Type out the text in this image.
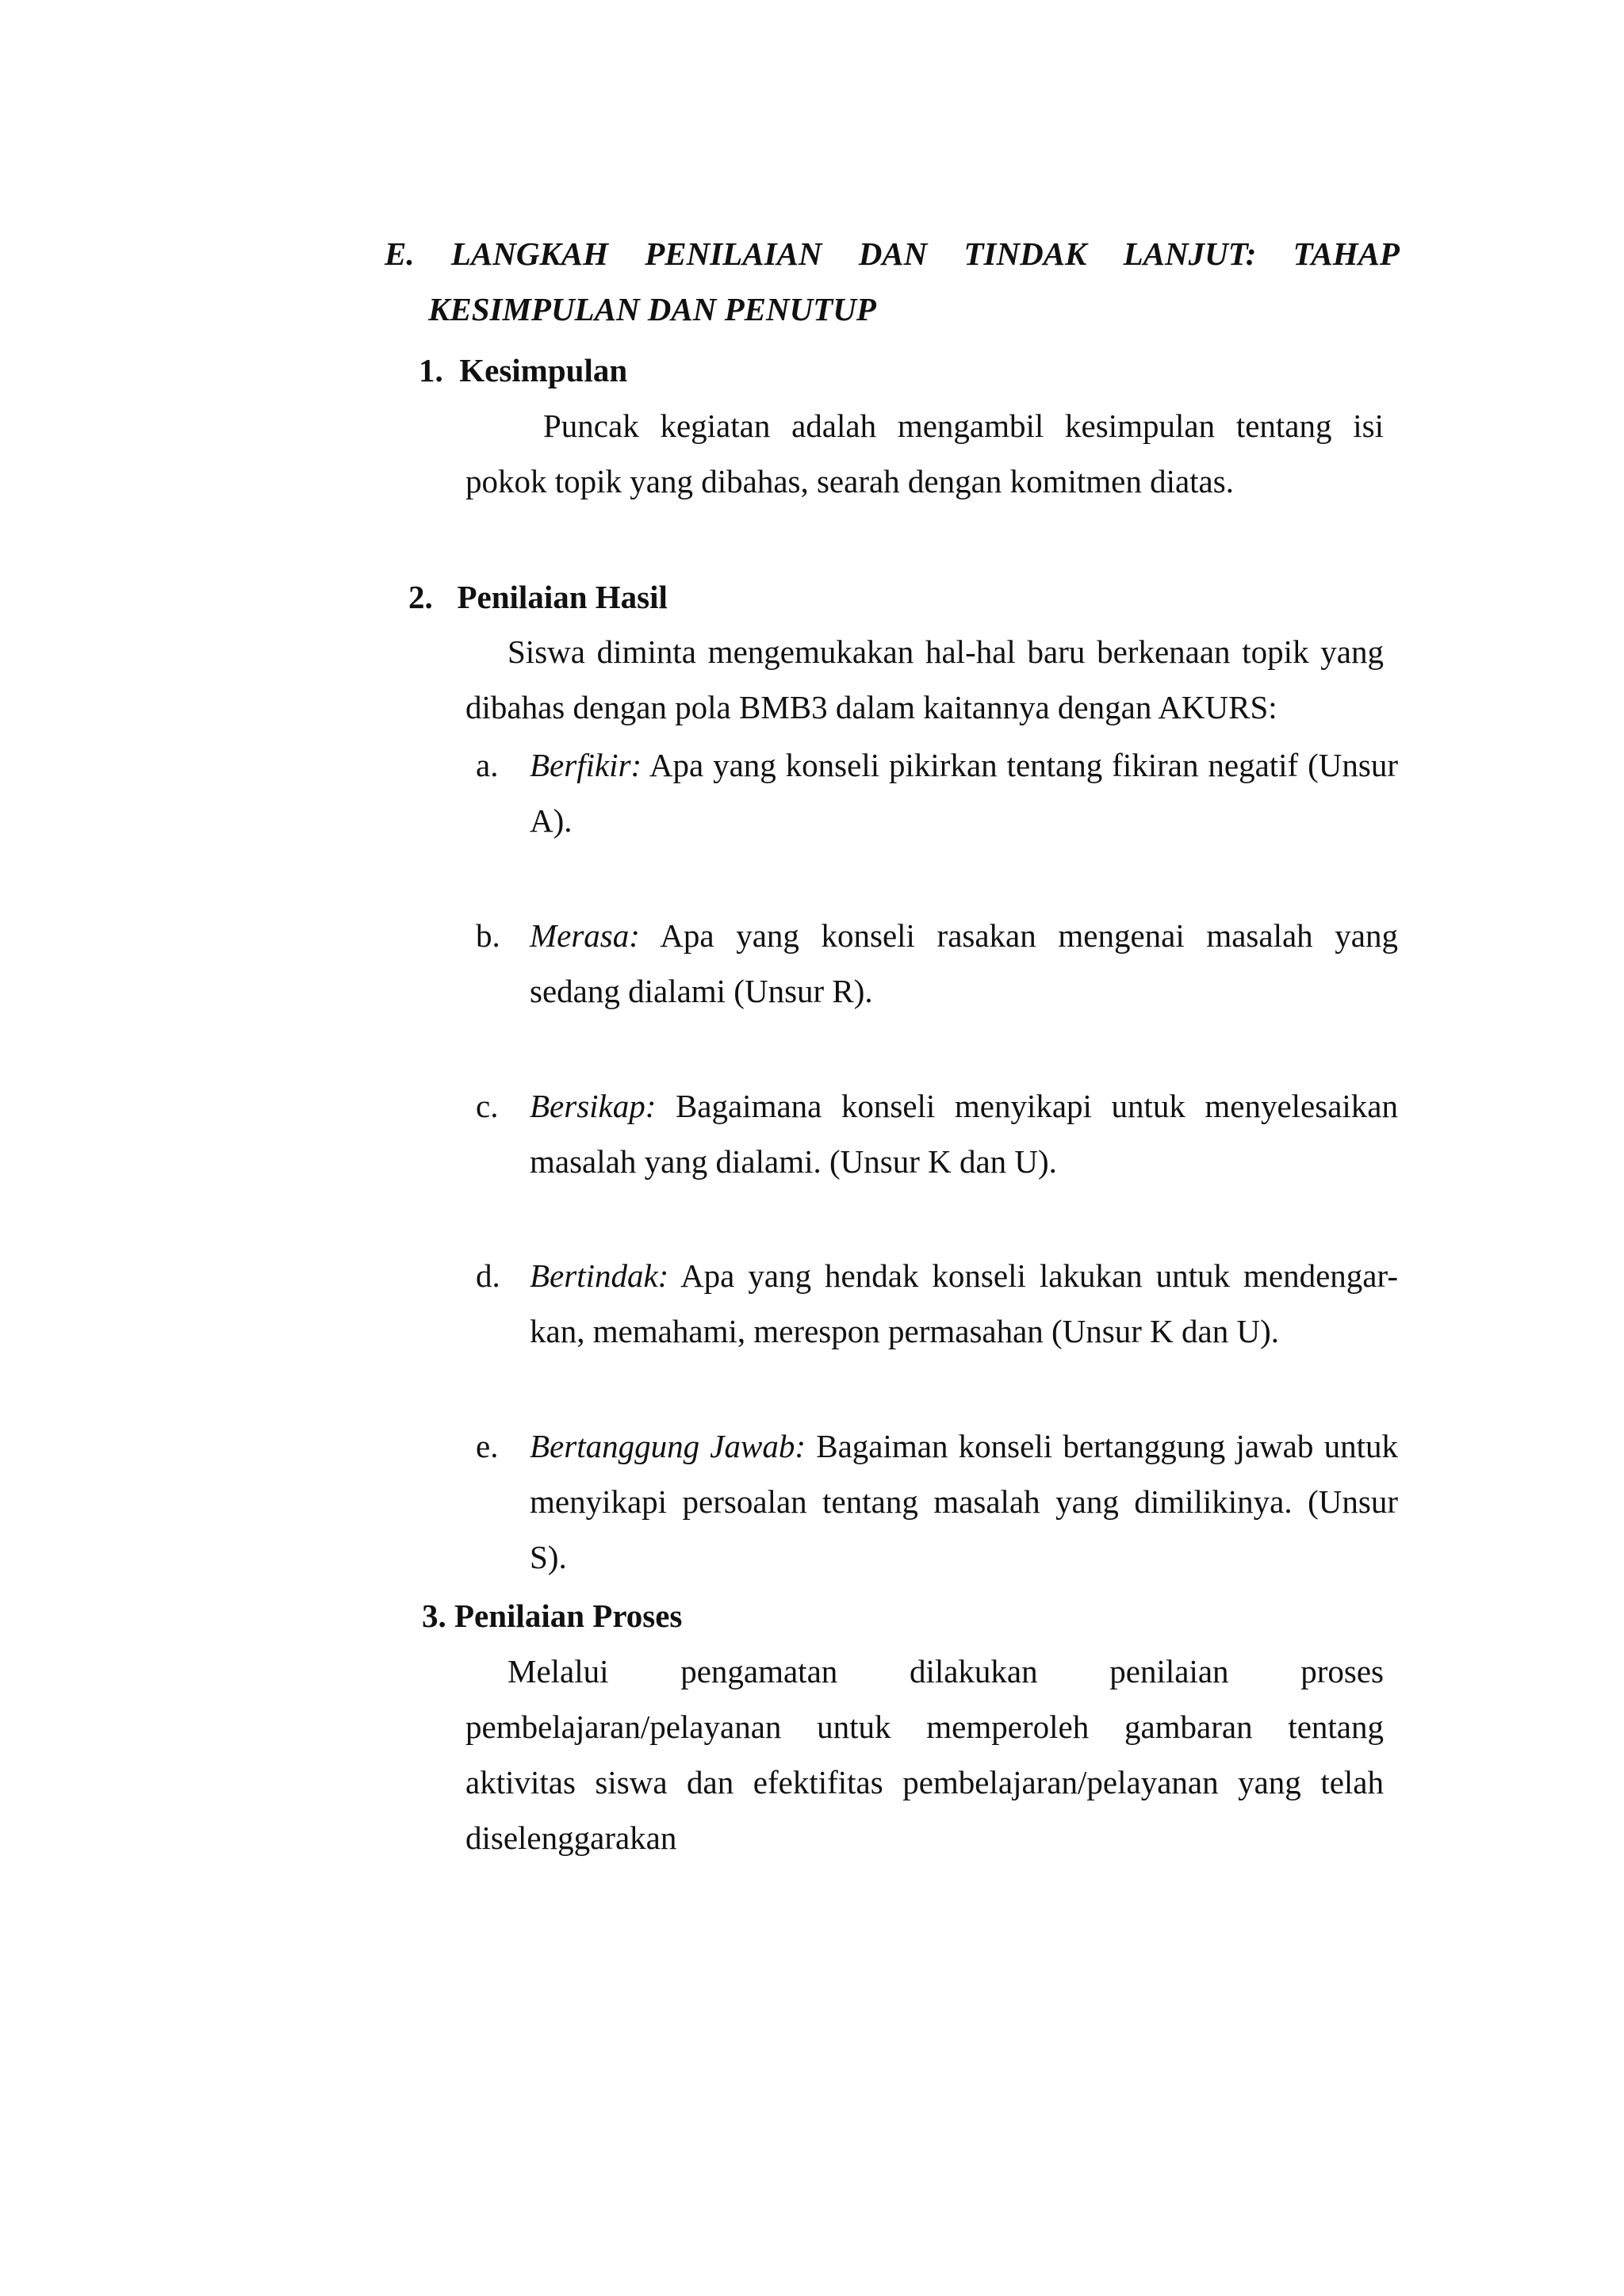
E. LANGKAH PENILAIAN DAN TINDAK LANJUT: TAHAP
KESIMPULAN DAN PENUTUP
1. Kesimpulan

Puncak kegiatan adalah mengambil kesimpulan tentang isi pokok topik yang dibahas, searah dengan komitmen diatas.

2. Penilaian Hasil

Siswa diminta mengemukakan hal-hal baru berkenaan topik yang dibahas dengan pola BMB3 dalam kaitannya dengan AKURS:

a. Berfikir: Apa yang konseli pikirkan tentang fikiran negatif (Unsur A).
b. Merasa: Apa yang konseli rasakan mengenai masalah yang sedang dialami (Unsur R).
c. Bersikap: Bagaimana konseli menyikapi untuk menyelesaikan masalah yang dialami. (Unsur K dan U).
d. Bertindak: Apa yang hendak konseli lakukan untuk mendengar-kan, memahami, merespon permasahan (Unsur K dan U).
e. Bertanggung Jawab: Bagaiman konseli bertanggung jawab untuk menyikapi persoalan tentang masalah yang dimilikinya. (Unsur S).
3. Penilaian Proses

Melalui pengamatan dilakukan penilaian proses pembelajaran/pelayanan untuk memperoleh gambaran tentang aktivitas siswa dan efektifitas pembelajaran/pelayanan yang telah diselenggarakan
